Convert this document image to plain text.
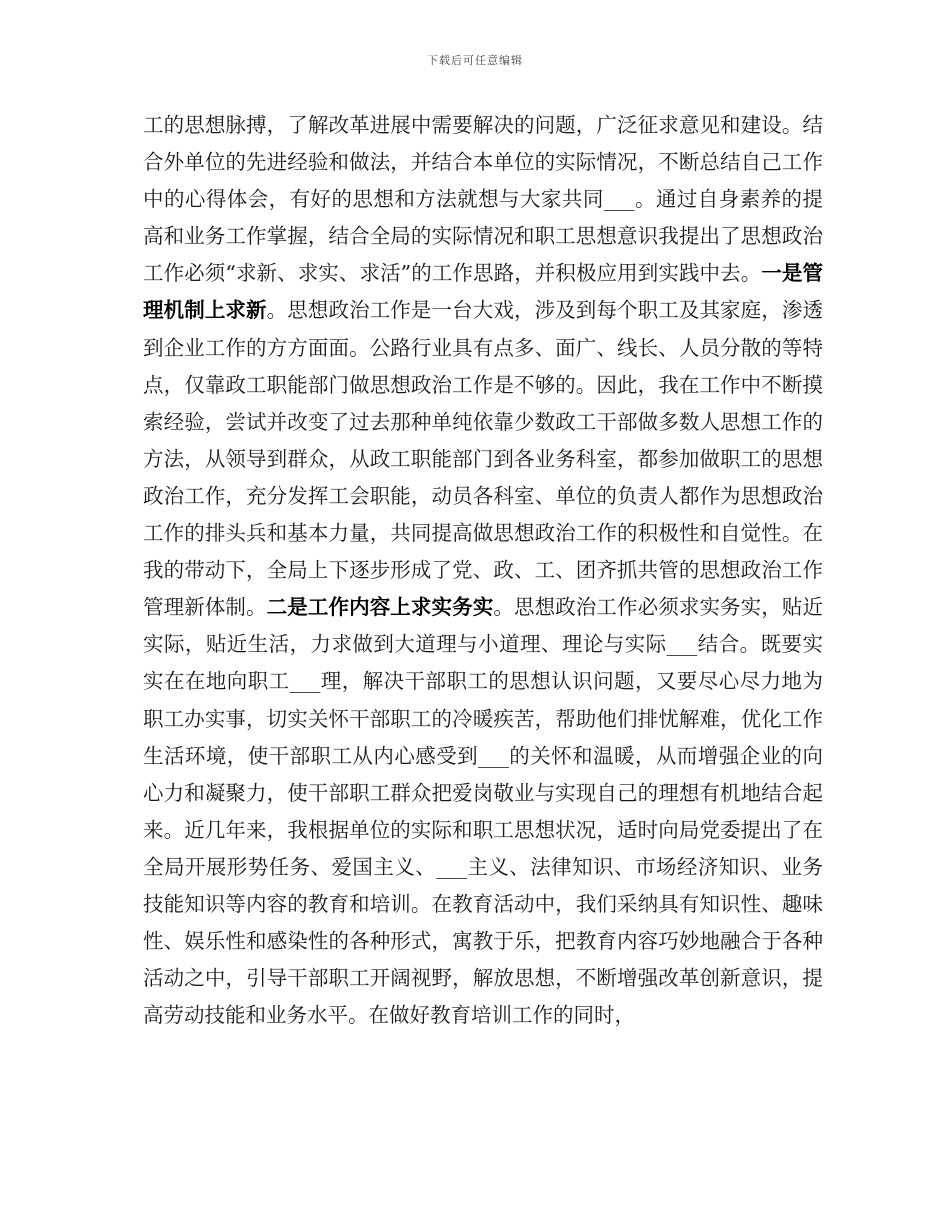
下载后可任意编辑

工的思想脉搏，了解改革进展中需要解决的问题，广泛征求意见和建设。结合外单位的先进经验和做法，并结合本单位的实际情况，不断总结自己工作中的心得体会，有好的思想和方法就想与大家共同___。通过自身素养的提高和业务工作掌握，结合全局的实际情况和职工思想意识我提出了思想政治工作必须“求新、求实、求活”的工作思路，并积极应用到实践中去。一是管理机制上求新。思想政治工作是一台大戏，涉及到每个职工及其家庭，渗透到企业工作的方方面面。公路行业具有点多、面广、线长、人员分散的等特点，仅靠政工职能部门做思想政治工作是不够的。因此，我在工作中不断摸索经验，尝试并改变了过去那种单纯依靠少数政工干部做多数人思想工作的方法，从领导到群众，从政工职能部门到各业务科室，都参加做职工的思想政治工作，充分发挥工会职能，动员各科室、单位的负责人都作为思想政治工作的排头兵和基本力量，共同提高做思想政治工作的积极性和自觉性。在我的带动下，全局上下逐步形成了党、政、工、团齐抓共管的思想政治工作管理新体制。二是工作内容上求实务实。思想政治工作必须求实务实，贴近实际，贴近生活，力求做到大道理与小道理、理论与实际___结合。既要实实在在地向职工___理，解决干部职工的思想认识问题，又要尽心尽力地为职工办实事，切实关怀干部职工的冷暖疾苦，帮助他们排忧解难，优化工作生活环境，使干部职工从内心感受到___的关怀和温暖，从而增强企业的向心力和凝聚力，使干部职工群众把爱岗敬业与实现自己的理想有机地结合起来。近几年来，我根据单位的实际和职工思想状况，适时向局党委提出了在全局开展形势任务、爱国主义、___主义、法律知识、市场经济知识、业务技能知识等内容的教育和培训。在教育活动中，我们采纳具有知识性、趣味性、娱乐性和感染性的各种形式，寓教于乐，把教育内容巧妙地融合于各种活动之中，引导干部职工开阔视野，解放思想，不断增强改革创新意识，提高劳动技能和业务水平。在做好教育培训工作的同时，
